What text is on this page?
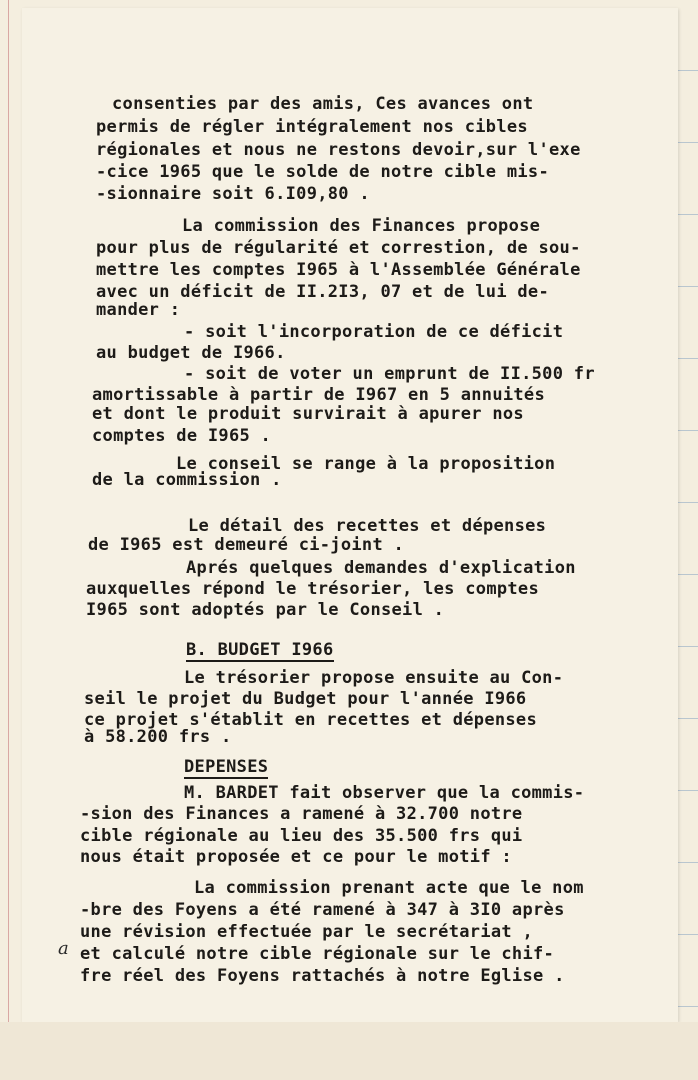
consenties par des amis, Ces avances ont
permis de régler intégralement nos cibles
régionales et nous ne restons devoir,sur l'exe
-cice 1965 que le solde de notre cible mis-
-sionnaire soit 6.I09,80 .
La commission des Finances propose
pour plus de régularité et correstion, de sou-
mettre les comptes I965 à l'Assemblée Générale
avec un déficit de II.2I3, 07 et de lui de-
mander :
- soit l'incorporation de ce déficit
au budget de I966.
- soit de voter un emprunt de II.500 fr
amortissable à partir de I967 en 5 annuités
et dont le produit survirait à apurer nos
comptes de I965 .
Le conseil se range à la proposition
de la commission .
Le détail des recettes et dépenses
de I965 est demeuré ci-joint .
Aprés quelques demandes d'explication
auxquelles répond le trésorier, les comptes
I965 sont adoptés par le Conseil .
B. BUDGET I966
Le trésorier propose ensuite au Con-
seil le projet du Budget pour l'année I966
ce projet s'établit en recettes et dépenses
à 58.200 frs .
DEPENSES
M. BARDET fait observer que la commis-
-sion des Finances a ramené à 32.700 notre
cible régionale au lieu des 35.500 frs qui
nous était proposée et ce pour le motif :
La commission prenant acte que le nom
-bre des Foyens a été ramené à 347 à 3I0 après
une révision effectuée par le secrétariat ,
et calculé notre cible régionale sur le chif-
fre réel des Foyens rattachés à notre Eglise .
a
